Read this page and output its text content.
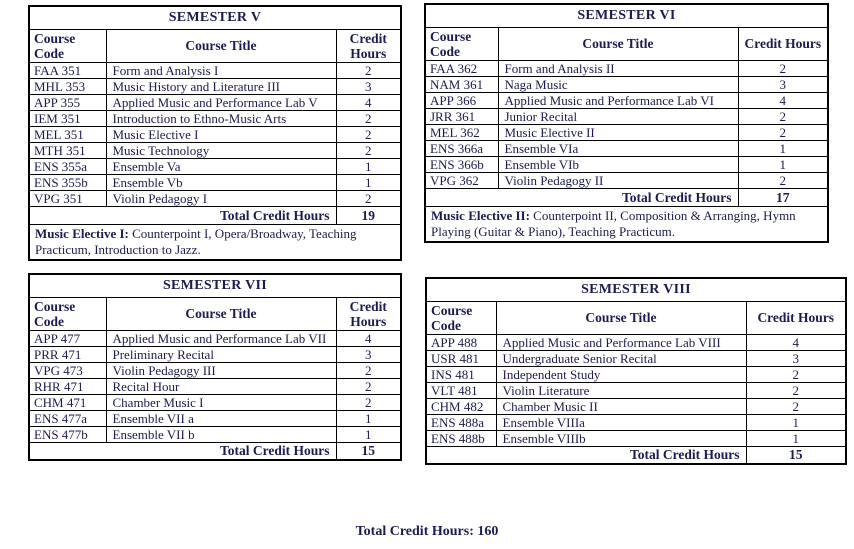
SEMESTER V		
Course Code	Course Title	Credit Hours
FAA 351	Form and Analysis I	2
MHL 353	Music History and Literature III	3
APP 355	Applied Music and Performance Lab V	4
IEM 351	Introduction to Ethno-Music Arts	2
MEL 351	Music Elective I	2
MTH 351	Music Technology	2
ENS 355a	Ensemble Va	1
ENS 355b	Ensemble Vb	1
VPG 351	Violin Pedagogy I	2
Total Credit Hours		19
Music Elective I: Counterpoint I, Opera/Broadway, Teaching Practicum, Introduction to Jazz.		
SEMESTER VI		
Course Code	Course Title	Credit Hours
FAA 362	Form and Analysis II	2
NAM 361	Naga Music	3
APP 366	Applied Music and Performance Lab VI	4
JRR 361	Junior Recital	2
MEL 362	Music Elective II	2
ENS 366a	Ensemble VIa	1
ENS 366b	Ensemble VIb	1
VPG 362	Violin Pedagogy II	2
Total Credit Hours		17
Music Elective II: Counterpoint II, Composition & Arranging, Hymn Playing (Guitar & Piano), Teaching Practicum.		
SEMESTER VII		
Course Code	Course Title	Credit Hours
APP 477	Applied Music and Performance Lab VII	4
PRR 471	Preliminary Recital	3
VPG 473	Violin Pedagogy III	2
RHR 471	Recital Hour	2
CHM 471	Chamber Music I	2
ENS 477a	Ensemble VII a	1
ENS 477b	Ensemble VII b	1
Total Credit Hours		15
SEMESTER VIII		
Course Code	Course Title	Credit Hours
APP 488	Applied Music and Performance Lab VIII	4
USR 481	Undergraduate Senior Recital	3
INS 481	Independent Study	2
VLT 481	Violin Literature	2
CHM 482	Chamber Music II	2
ENS 488a	Ensemble VIIIa	1
ENS 488b	Ensemble VIIIb	1
Total Credit Hours		15
Total Credit Hours: 160
